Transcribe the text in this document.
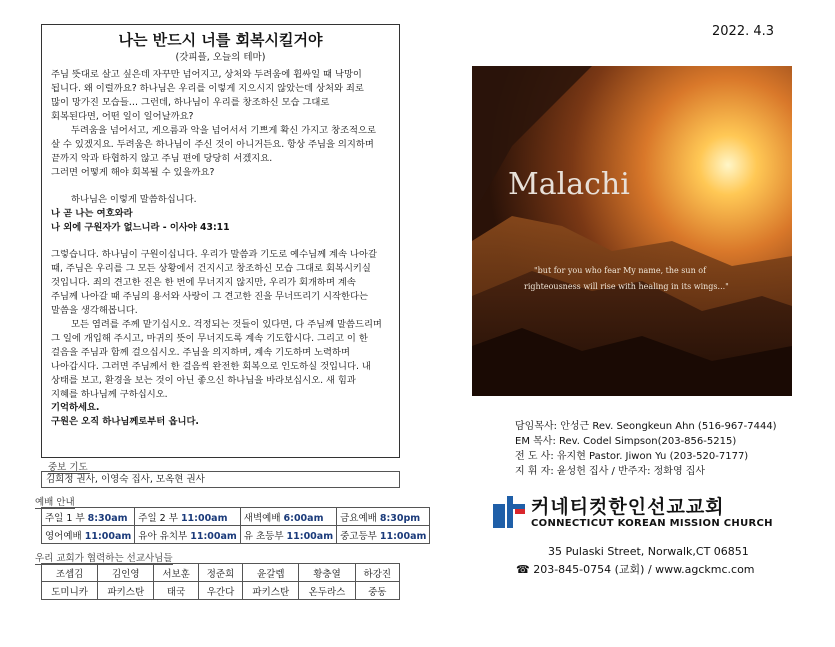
나는 반드시 너를 회복시킬거야
(갓피플, 오늘의 테마)
주님 뜻대로 살고 싶은데 자꾸만 넘어지고, 상처와 두려움에 휩싸일 때 낙망이
됩니다. 왜 이럴까요? 하나님은 우리를 이렇게 지으시지 않았는데 상처와 죄로
많이 망가진 모습들… 그런데, 하나님이 우리를 창조하신 모습 그대로
회복된다면, 어떤 일이 일어날까요?
두려움을 넘어서고, 게으름과 악을 넘어서서 기쁘게 확신 가지고 창조적으로
살 수 있겠지요. 두려움은 하나님이 주신 것이 아니거든요. 항상 주님을 의지하며
끝까지 악과 타협하지 않고 주님 편에 당당히 서겠지요.
그러면 어떻게 해야 회복될 수 있을까요?
하나님은 이렇게 말씀하십니다.
나 곧 나는 여호와라
나 외에 구원자가 없느니라 - 이사야 43:11
그렇습니다. 하나님이 구원이십니다. 우리가 말씀과 기도로 예수님께 계속 나아갈
때, 주님은 우리를 그 모든 상황에서 건지시고 창조하신 모습 그대로 회복시키실
것입니다. 죄의 견고한 진은 한 번에 무너지지 않지만, 우리가 회개하며 계속
주님께 나아갈 때 주님의 용서와 사랑이 그 견고한 진을 무너뜨리기 시작한다는
말씀을 생각해봅니다.
모든 염려를 주께 맡기십시오. 걱정되는 것들이 있다면, 다 주님께 말씀드리며
그 일에 개입해 주시고, 마귀의 뜻이 무너지도록 계속 기도합시다. 그리고 이 한
걸음을 주님과 함께 걸으십시오. 주님을 의지하며, 계속 기도하며 노력하며
나아갑시다. 그러면 주님께서 한 걸음씩 완전한 회복으로 인도하실 것입니다. 내
상태를 보고, 환경을 보는 것이 아닌 좋으신 하나님을 바라보십시오. 새 힘과
지혜를 하나님께 구하십시오.
기억하세요.
구원은 오직 하나님께로부터 옵니다.
중보 기도
김희정 권사, 이영숙 집사, 모옥현 권사
예배 안내
주일 1 부 8:30am	주일 2 부 11:00am	새벽예배 6:00am	금요예배 8:30pm
영어예배 11:00am	유아 유치부 11:00am	유 초등부 11:00am	중고등부 11:00am
우리 교회가 협력하는 선교사님들
조셉김	김인영	서보훈	정준희	윤갈렙	황충열	하강진
도미니카	파키스탄	태국	우간다	파키스탄	온두라스	중동
2022. 4.3
Malachi
"but for you who fear My name, the sun of
righteousness will rise with healing in its wings..."
담임목사: 안성근 Rev. Seongkeun Ahn (516-967-7444)
EM 목사: Rev. Codel Simpson(203-856-5215)
전 도 사: 유지현 Pastor. Jiwon Yu (203-520-7177)
지 휘 자: 윤성헌 집사 / 반주자: 정화영 집사
커네티컷한인선교교회
CONNECTICUT KOREAN MISSION CHURCH
35 Pulaski Street, Norwalk,CT 06851
☎ 203-845-0754 (교회) / www.agckmc.com
